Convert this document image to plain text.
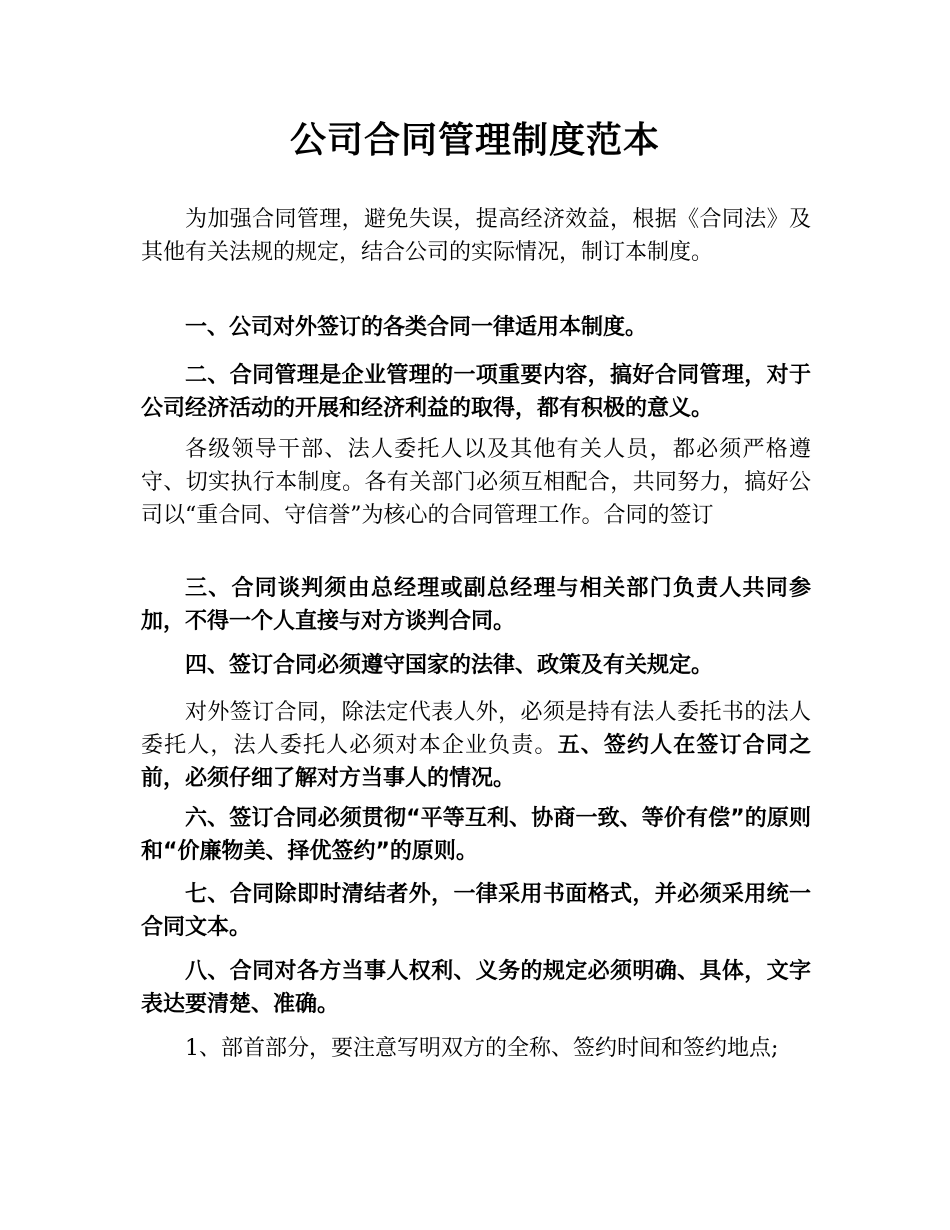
公司合同管理制度范本

为加强合同管理，避免失误，提高经济效益，根据《合同法》及其他有关法规的规定，结合公司的实际情况，制订本制度。

一、公司对外签订的各类合同一律适用本制度。

二、合同管理是企业管理的一项重要内容，搞好合同管理，对于公司经济活动的开展和经济利益的取得，都有积极的意义。

各级领导干部、法人委托人以及其他有关人员，都必须严格遵守、切实执行本制度。各有关部门必须互相配合，共同努力，搞好公司以“重合同、守信誉”为核心的合同管理工作。合同的签订

三、合同谈判须由总经理或副总经理与相关部门负责人共同参加，不得一个人直接与对方谈判合同。

四、签订合同必须遵守国家的法律、政策及有关规定。

对外签订合同，除法定代表人外，必须是持有法人委托书的法人委托人，法人委托人必须对本企业负责。五、签约人在签订合同之前，必须仔细了解对方当事人的情况。

六、签订合同必须贯彻“平等互利、协商一致、等价有偿”的原则和“价廉物美、择优签约”的原则。

七、合同除即时清结者外，一律采用书面格式，并必须采用统一合同文本。

八、合同对各方当事人权利、义务的规定必须明确、具体，文字表达要清楚、准确。

1、部首部分，要注意写明双方的全称、签约时间和签约地点;
